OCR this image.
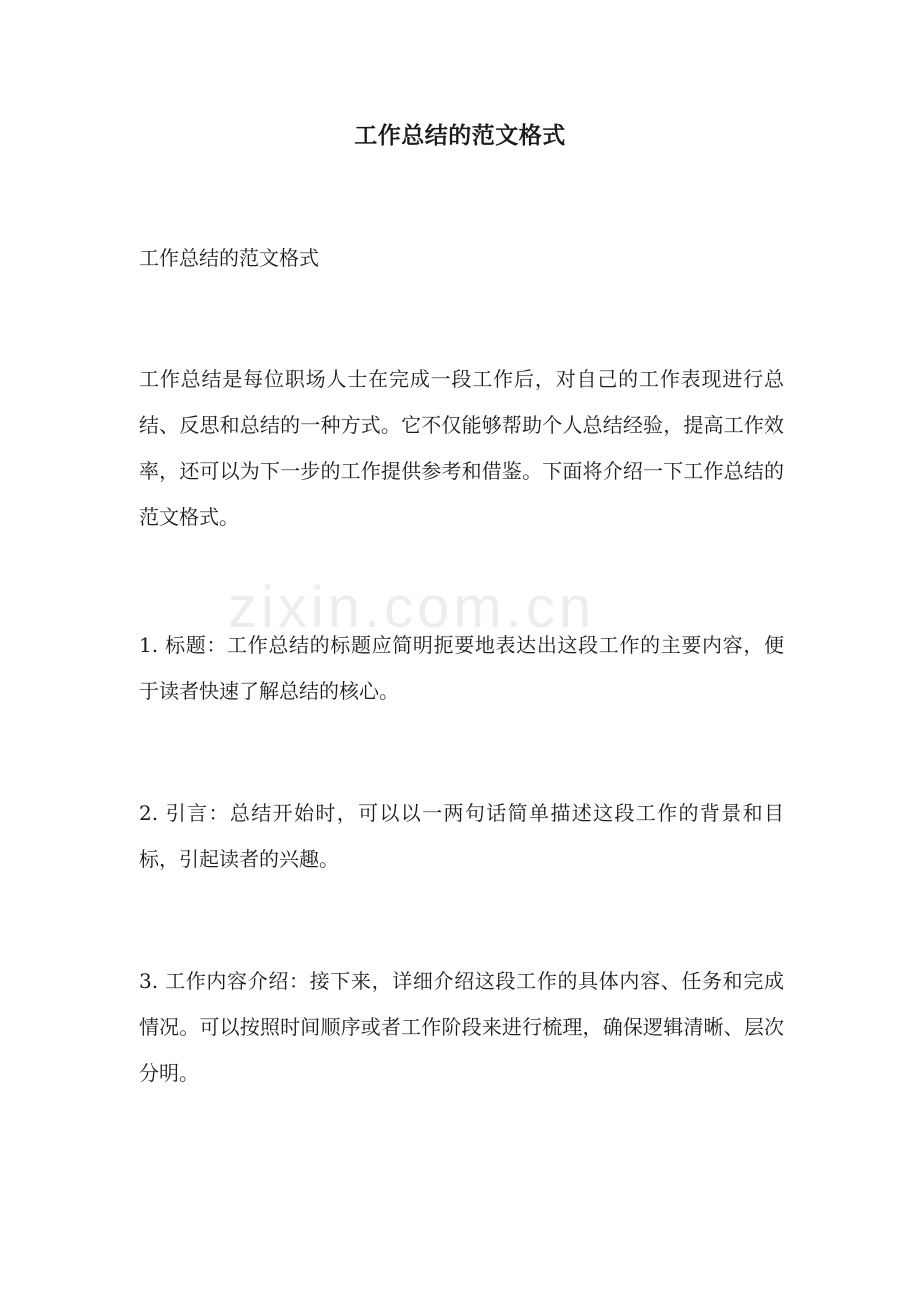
工作总结的范文格式
工作总结的范文格式

工作总结是每位职场人士在完成一段工作后，对自己的工作表现进行总结、反思和总结的一种方式。它不仅能够帮助个人总结经验，提高工作效率，还可以为下一步的工作提供参考和借鉴。下面将介绍一下工作总结的范文格式。

zixin.com.cn

1. 标题：工作总结的标题应简明扼要地表达出这段工作的主要内容，便于读者快速了解总结的核心。

2. 引言：总结开始时，可以以一两句话简单描述这段工作的背景和目标，引起读者的兴趣。

3. 工作内容介绍：接下来，详细介绍这段工作的具体内容、任务和完成情况。可以按照时间顺序或者工作阶段来进行梳理，确保逻辑清晰、层次分明。
